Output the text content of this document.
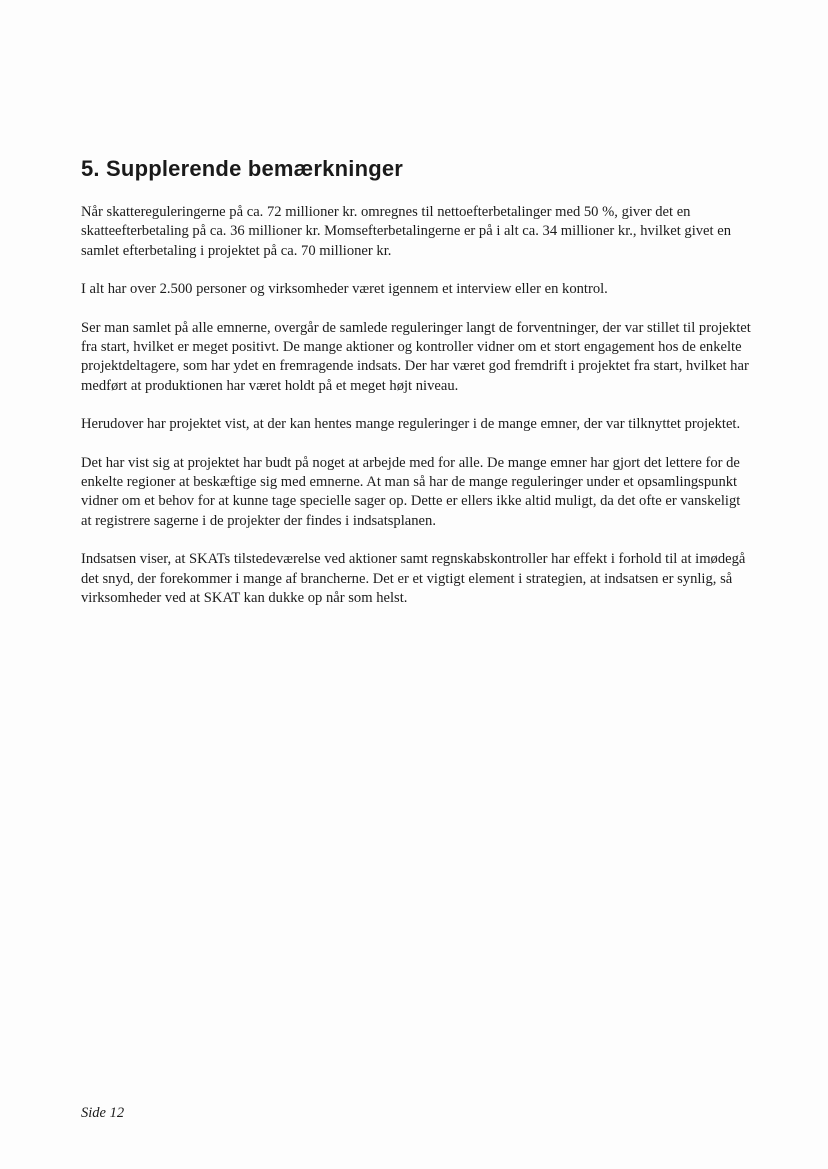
5. Supplerende bemærkninger

Når skattereguleringerne på ca. 72 millioner kr. omregnes til nettoefterbetalinger med 50 %, giver det en skatteefterbetaling på ca. 36 millioner kr. Momsefterbetalingerne er på i alt ca. 34 millioner kr., hvilket givet en samlet efterbetaling i projektet på ca. 70 millioner kr.

I alt har over 2.500 personer og virksomheder været igennem et interview eller en kontrol.

Ser man samlet på alle emnerne, overgår de samlede reguleringer langt de forventninger, der var stillet til projektet fra start, hvilket er meget positivt. De mange aktioner og kontroller vidner om et stort engagement hos de enkelte projektdeltagere, som har ydet en fremragende indsats. Der har været god fremdrift i projektet fra start, hvilket har medført at produktionen har været holdt på et meget højt niveau.

Herudover har projektet vist, at der kan hentes mange reguleringer i de mange emner, der var tilknyttet projektet.

Det har vist sig at projektet har budt på noget at arbejde med for alle. De mange emner har gjort det lettere for de enkelte regioner at beskæftige sig med emnerne. At man så har de mange reguleringer under et opsamlingspunkt vidner om et behov for at kunne tage specielle sager op. Dette er ellers ikke altid muligt, da det ofte er vanskeligt at registrere sagerne i de projekter der findes i indsatsplanen.

Indsatsen viser, at SKATs tilstedeværelse ved aktioner samt regnskabskontroller har effekt i forhold til at imødegå det snyd, der forekommer i mange af brancherne. Det er et vigtigt element i strategien, at indsatsen er synlig, så virksomheder ved at SKAT kan dukke op når som helst.

Side 12
